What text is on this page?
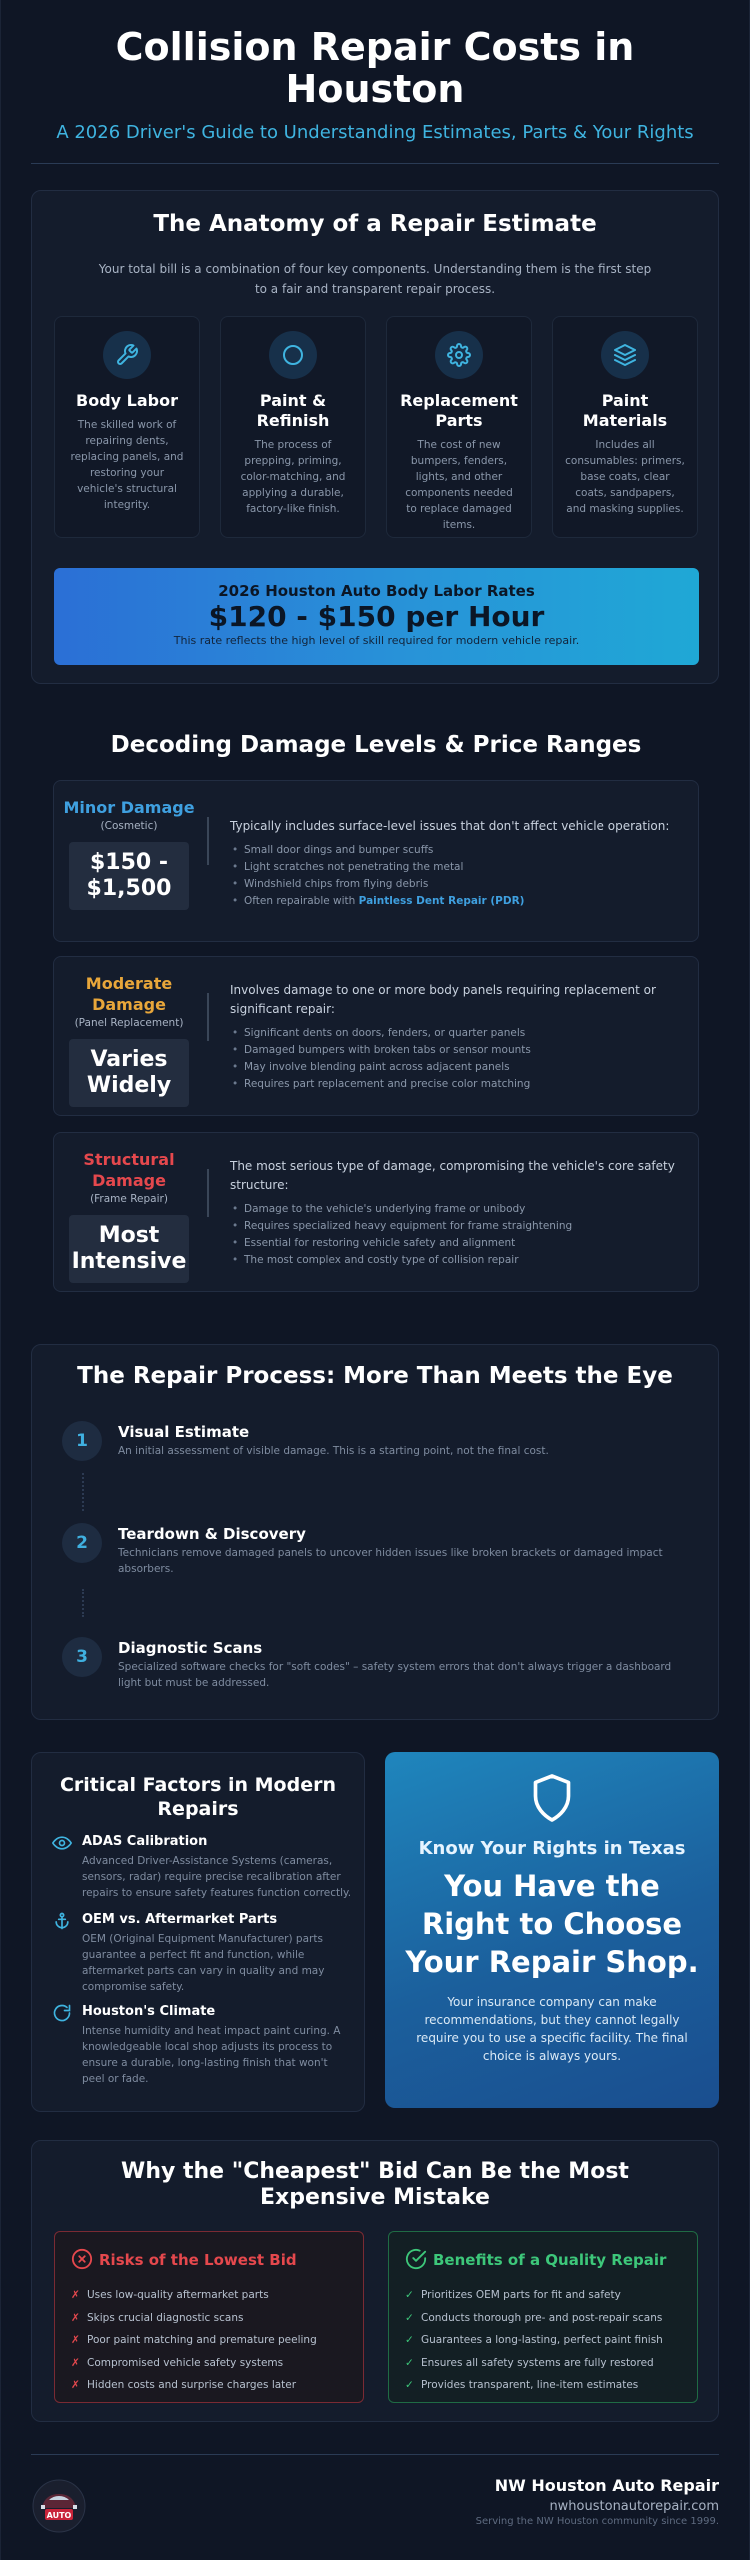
Collision Repair Costs in Houston
A 2026 Driver's Guide to Understanding Estimates, Parts & Your Rights
The Anatomy of a Repair Estimate
Your total bill is a combination of four key components. Understanding them is the first step to a fair and transparent repair process.
Body Labor
The skilled work of repairing dents, replacing panels, and restoring your vehicle's structural integrity.
Paint & Refinish
The process of prepping, priming, color-matching, and applying a durable, factory-like finish.
Replacement Parts
The cost of new bumpers, fenders, lights, and other components needed to replace damaged items.
Paint Materials
Includes all consumables: primers, base coats, clear coats, sandpapers, and masking supplies.
2026 Houston Auto Body Labor Rates
$120 - $150 per Hour
This rate reflects the high level of skill required for modern vehicle repair.
Decoding Damage Levels & Price Ranges
Minor Damage
(Cosmetic)
$150 - $1,500
Typically includes surface-level issues that don't affect vehicle operation:
• Small door dings and bumper scuffs
• Light scratches not penetrating the metal
• Windshield chips from flying debris
• Often repairable with Paintless Dent Repair (PDR)
Moderate Damage
(Panel Replacement)
Varies Widely
Involves damage to one or more body panels requiring replacement or significant repair:
• Significant dents on doors, fenders, or quarter panels
• Damaged bumpers with broken tabs or sensor mounts
• May involve blending paint across adjacent panels
• Requires part replacement and precise color matching
Structural Damage
(Frame Repair)
Most Intensive
The most serious type of damage, compromising the vehicle's core safety structure:
• Damage to the vehicle's underlying frame or unibody
• Requires specialized heavy equipment for frame straightening
• Essential for restoring vehicle safety and alignment
• The most complex and costly type of collision repair
The Repair Process: More Than Meets the Eye
1	Visual Estimate
An initial assessment of visible damage. This is a starting point, not the final cost.
2	Teardown & Discovery
Technicians remove damaged panels to uncover hidden issues like broken brackets or damaged impact absorbers.
3	Diagnostic Scans
Specialized software checks for "soft codes" – safety system errors that don't always trigger a dashboard light but must be addressed.
Critical Factors in Modern Repairs
ADAS Calibration
Advanced Driver-Assistance Systems (cameras, sensors, radar) require precise recalibration after repairs to ensure safety features function correctly.
OEM vs. Aftermarket Parts
OEM (Original Equipment Manufacturer) parts guarantee a perfect fit and function, while aftermarket parts can vary in quality and may compromise safety.
Houston's Climate
Intense humidity and heat impact paint curing. A knowledgeable local shop adjusts its process to ensure a durable, long-lasting finish that won't peel or fade.
Know Your Rights in Texas
You Have the Right to Choose Your Repair Shop.
Your insurance company can make recommendations, but they cannot legally require you to use a specific facility. The final choice is always yours.
Why the "Cheapest" Bid Can Be the Most Expensive Mistake
Risks of the Lowest Bid
✗ Uses low-quality aftermarket parts
✗ Skips crucial diagnostic scans
✗ Poor paint matching and premature peeling
✗ Compromised vehicle safety systems
✗ Hidden costs and surprise charges later
Benefits of a Quality Repair
✓ Prioritizes OEM parts for fit and safety
✓ Conducts thorough pre- and post-repair scans
✓ Guarantees a long-lasting, perfect paint finish
✓ Ensures all safety systems are fully restored
✓ Provides transparent, line-item estimates
AUTO
NW Houston Auto Repair
nwhoustonautorepair.com
Serving the NW Houston community since 1999.
